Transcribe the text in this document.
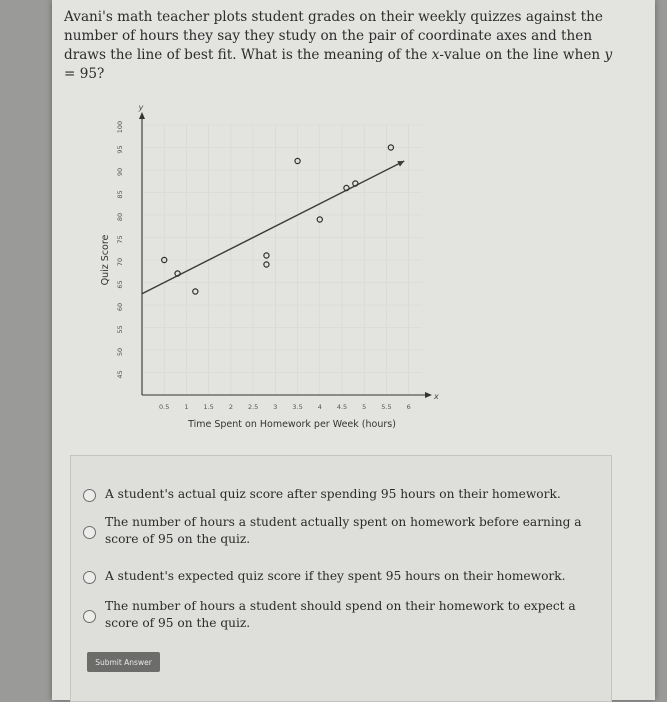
Avani's math teacher plots student grades on their weekly quizzes against the number of hours they say they study on the pair of coordinate axes and then draws the line of best fit. What is the meaning of the x-value on the line when y = 95?
x
y
0.5 1 1.5 2 2.5 3 3.5 4 4.5 5 5.5 6
45
50
55
60
65
70
75
80
85
90
95
100
Time Spent on Homework per Week (hours)
Quiz Score
A student's actual quiz score after spending 95 hours on their homework.
The number of hours a student actually spent on homework before earning a score of 95 on the quiz.
A student's expected quiz score if they spent 95 hours on their homework.
The number of hours a student should spend on their homework to expect a score of 95 on the quiz.
Submit Answer
